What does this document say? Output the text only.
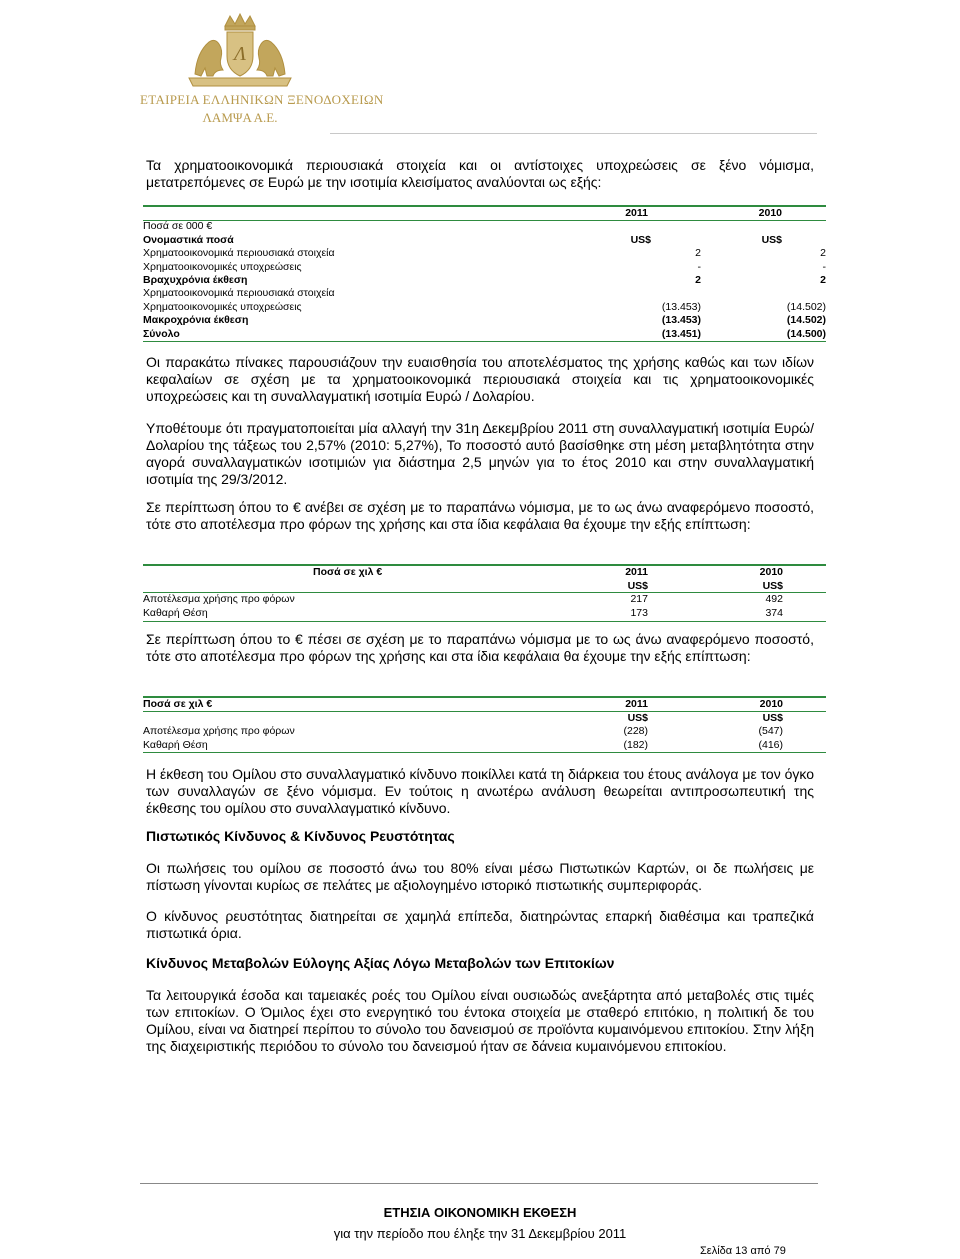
Λ
ΕΤΑΙΡΕΙΑ ΕΛΛΗΝΙΚΩΝ ΞΕΝΟΔΟΧΕΙΩΝ
ΛΑΜΨΑ Α.Ε.

Τα χρηματοοικονομικά περιουσιακά στοιχεία και οι αντίστοιχες υποχρεώσεις σε ξένο νόμισμα, μετατρεπόμενες σε Ευρώ με την ισοτιμία κλεισίματος αναλύονται ως εξής:

2011	2010
Ποσά σε 000 €
Ονομαστικά ποσά	US$	US$
Χρηματοοικονομικά περιουσιακά στοιχεία	2	2
Χρηματοοικονομικές υποχρεώσεις	-	-
Βραχυχρόνια έκθεση	2	2
Χρηματοοικονομικά περιουσιακά στοιχεία
Χρηματοοικονομικές υποχρεώσεις	(13.453)	(14.502)
Μακροχρόνια έκθεση	(13.453)	(14.502)
Σύνολο	(13.451)	(14.500)

Οι παρακάτω πίνακες παρουσιάζουν την ευαισθησία του αποτελέσματος της χρήσης καθώς και των ιδίων κεφαλαίων σε σχέση με τα χρηματοοικονομικά περιουσιακά στοιχεία και τις χρηματοοικονομικές υποχρεώσεις και τη συναλλαγματική ισοτιμία Ευρώ / Δολαρίου.

Υποθέτουμε ότι πραγματοποιείται μία αλλαγή την 31η Δεκεμβρίου 2011 στη συναλλαγματική ισοτιμία Ευρώ/Δολαρίου της τάξεως του 2,57% (2010: 5,27%), Το ποσοστό αυτό βασίσθηκε στη μέση μεταβλητότητα στην αγορά συναλλαγματικών ισοτιμιών για διάστημα 2,5 μηνών για το έτος 2010 και στην συναλλαγματική ισοτιμία της 29/3/2012.

Σε περίπτωση όπου το € ανέβει σε σχέση με το παραπάνω νόμισμα, με το ως άνω αναφερόμενο ποσοστό, τότε στο αποτέλεσμα προ φόρων της χρήσης και στα ίδια κεφάλαια θα έχουμε την εξής επίπτωση:

Ποσά σε χιλ €	2011	2010
US$	US$
Αποτέλεσμα χρήσης προ φόρων	217	492
Καθαρή Θέση	173	374

Σε περίπτωση όπου το € πέσει σε σχέση με το παραπάνω νόμισμα με το ως άνω αναφερόμενο ποσοστό, τότε στο αποτέλεσμα προ φόρων της χρήσης και στα ίδια κεφάλαια θα έχουμε την εξής επίπτωση:

Ποσά σε χιλ €	2011	2010
US$	US$
Αποτέλεσμα χρήσης προ φόρων	(228)	(547)
Καθαρή Θέση	(182)	(416)

Η έκθεση του Ομίλου στο συναλλαγματικό κίνδυνο ποικίλλει κατά τη διάρκεια του έτους ανάλογα με τον όγκο των συναλλαγών σε ξένο νόμισμα. Εν τούτοις η ανωτέρω ανάλυση θεωρείται αντιπροσωπευτική της έκθεσης του ομίλου στο συναλλαγματικό κίνδυνο.

Πιστωτικός Κίνδυνος & Κίνδυνος Ρευστότητας

Οι πωλήσεις του ομίλου σε ποσοστό άνω του 80% είναι μέσω Πιστωτικών Καρτών, οι δε πωλήσεις με πίστωση γίνονται κυρίως σε πελάτες με αξιολογημένο ιστορικό πιστωτικής συμπεριφοράς.

Ο κίνδυνος ρευστότητας διατηρείται σε χαμηλά επίπεδα, διατηρώντας επαρκή διαθέσιμα και τραπεζικά πιστωτικά όρια.

Κίνδυνος Μεταβολών Εύλογης Αξίας Λόγω Μεταβολών των Επιτοκίων

Τα λειτουργικά έσοδα και ταμειακές ροές του Ομίλου είναι ουσιωδώς ανεξάρτητα από μεταβολές στις τιμές των επιτοκίων. Ο Όμιλος έχει στο ενεργητικό του έντοκα στοιχεία με σταθερό επιτόκιο, η πολιτική δε του Ομίλου, είναι να διατηρεί περίπου το σύνολο του δανεισμού σε προϊόντα κυμαινόμενου επιτοκίου. Στην λήξη της διαχειριστικής περιόδου το σύνολο του δανεισμού ήταν σε δάνεια κυμαινόμενου επιτοκίου.

ΕΤΗΣΙΑ ΟΙΚΟΝΟΜΙΚΗ ΕΚΘΕΣΗ
για την περίοδο που έληξε την 31 Δεκεμβρίου 2011
Σελίδα 13 από 79
